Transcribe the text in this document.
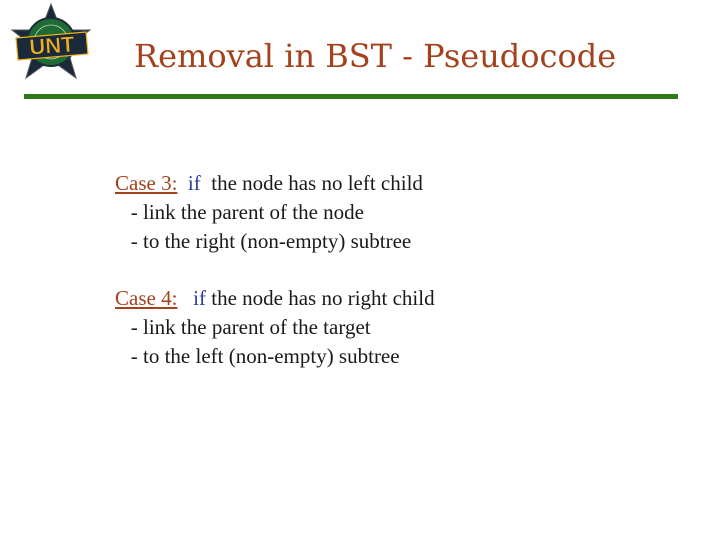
UNT Removal in BST - Pseudocode
Case 3: if the node has no left child
- link the parent of the node
- to the right (non-empty) subtree
Case 4: if the node has no right child
- link the parent of the target
- to the left (non-empty) subtree
